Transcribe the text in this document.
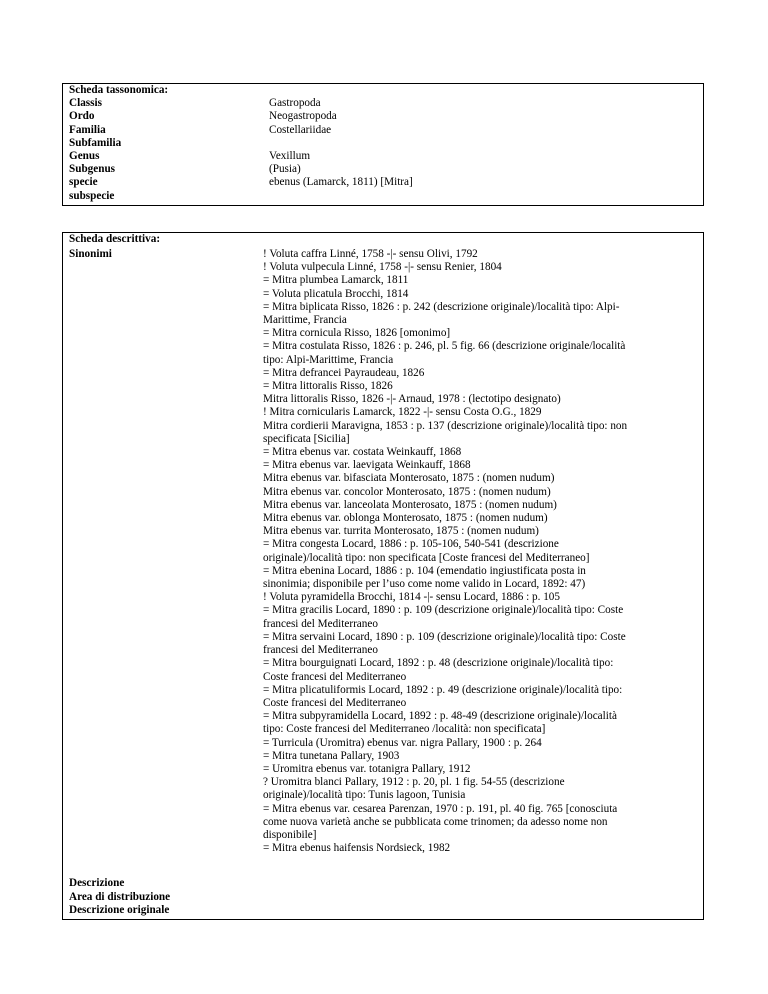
Scheda tassonomica:
Classis	Gastropoda
Ordo	Neogastropoda
Familia	Costellariidae
Subfamilia
Genus	Vexillum
Subgenus	(Pusia)
specie	ebenus (Lamarck, 1811) [Mitra]
subspecie
Scheda descrittiva:
Sinonimi	! Voluta caffra Linné, 1758 -|- sensu Olivi, 1792
! Voluta vulpecula Linné, 1758 -|- sensu Renier, 1804
= Mitra plumbea Lamarck, 1811
= Voluta plicatula Brocchi, 1814
= Mitra biplicata Risso, 1826 : p. 242 (descrizione originale)/località tipo: Alpi-
Marittime, Francia
= Mitra cornicula Risso, 1826 [omonimo]
= Mitra costulata Risso, 1826 : p. 246, pl. 5 fig. 66 (descrizione originale/località
tipo: Alpi-Marittime, Francia
= Mitra defrancei Payraudeau, 1826
= Mitra littoralis Risso, 1826
Mitra littoralis Risso, 1826 -|- Arnaud, 1978 : (lectotipo designato)
! Mitra cornicularis Lamarck, 1822 -|- sensu Costa O.G., 1829
Mitra cordierii Maravigna, 1853 : p. 137 (descrizione originale)/località tipo: non
specificata [Sicilia]
= Mitra ebenus var. costata Weinkauff, 1868
= Mitra ebenus var. laevigata Weinkauff, 1868
Mitra ebenus var. bifasciata Monterosato, 1875 : (nomen nudum)
Mitra ebenus var. concolor Monterosato, 1875 : (nomen nudum)
Mitra ebenus var. lanceolata Monterosato, 1875 : (nomen nudum)
Mitra ebenus var. oblonga Monterosato, 1875 : (nomen nudum)
Mitra ebenus var. turrita Monterosato, 1875 : (nomen nudum)
= Mitra congesta Locard, 1886 : p. 105-106, 540-541 (descrizione
originale)/località tipo: non specificata [Coste francesi del Mediterraneo]
= Mitra ebenina Locard, 1886 : p. 104 (emendatio ingiustificata posta in
sinonimia; disponibile per l’uso come nome valido in Locard, 1892: 47)
! Voluta pyramidella Brocchi, 1814 -|- sensu Locard, 1886 : p. 105
= Mitra gracilis Locard, 1890 : p. 109 (descrizione originale)/località tipo: Coste
francesi del Mediterraneo
= Mitra servaini Locard, 1890 : p. 109 (descrizione originale)/località tipo: Coste
francesi del Mediterraneo
= Mitra bourguignati Locard, 1892 : p. 48 (descrizione originale)/località tipo:
Coste francesi del Mediterraneo
= Mitra plicatuliformis Locard, 1892 : p. 49 (descrizione originale)/località tipo:
Coste francesi del Mediterraneo
= Mitra subpyramidella Locard, 1892 : p. 48-49 (descrizione originale)/località
tipo: Coste francesi del Mediterraneo /località: non specificata]
= Turricula (Uromitra) ebenus var. nigra Pallary, 1900 : p. 264
= Mitra tunetana Pallary, 1903
= Uromitra ebenus var. totanigra Pallary, 1912
? Uromitra blanci Pallary, 1912 : p. 20, pl. 1 fig. 54-55 (descrizione
originale)/località tipo: Tunis lagoon, Tunisia
= Mitra ebenus var. cesarea Parenzan, 1970 : p. 191, pl. 40 fig. 765 [conosciuta
come nuova varietà anche se pubblicata come trinomen; da adesso nome non
disponibile]
= Mitra ebenus haifensis Nordsieck, 1982
Descrizione
Area di distribuzione
Descrizione originale
